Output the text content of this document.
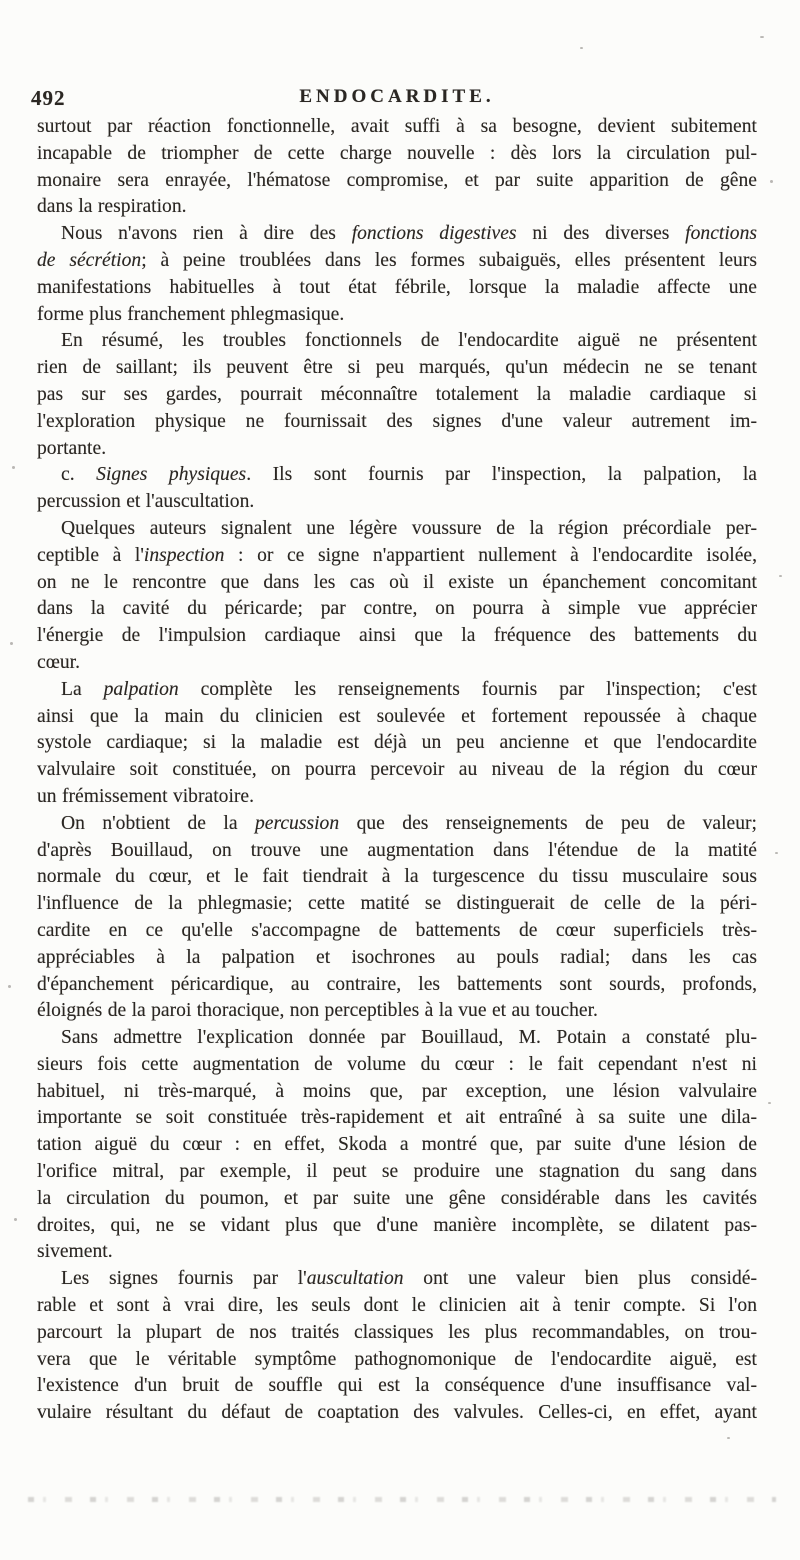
492	ENDOCARDITE.
surtout par réaction fonctionnelle, avait suffi à sa besogne, devient subitement
incapable de triompher de cette charge nouvelle : dès lors la circulation pul-
monaire sera enrayée, l'hématose compromise, et par suite apparition de gêne
dans la respiration.
Nous n'avons rien à dire des fonctions digestives ni des diverses fonctions
de sécrétion; à peine troublées dans les formes subaiguës, elles présentent leurs
manifestations habituelles à tout état fébrile, lorsque la maladie affecte une
forme plus franchement phlegmasique.
En résumé, les troubles fonctionnels de l'endocardite aiguë ne présentent
rien de saillant; ils peuvent être si peu marqués, qu'un médecin ne se tenant
pas sur ses gardes, pourrait méconnaître totalement la maladie cardiaque si
l'exploration physique ne fournissait des signes d'une valeur autrement im-
portante.
c. Signes physiques. Ils sont fournis par l'inspection, la palpation, la
percussion et l'auscultation.
Quelques auteurs signalent une légère voussure de la région précordiale per-
ceptible à l'inspection : or ce signe n'appartient nullement à l'endocardite isolée,
on ne le rencontre que dans les cas où il existe un épanchement concomitant
dans la cavité du péricarde; par contre, on pourra à simple vue apprécier
l'énergie de l'impulsion cardiaque ainsi que la fréquence des battements du
cœur.
La palpation complète les renseignements fournis par l'inspection; c'est
ainsi que la main du clinicien est soulevée et fortement repoussée à chaque
systole cardiaque; si la maladie est déjà un peu ancienne et que l'endocardite
valvulaire soit constituée, on pourra percevoir au niveau de la région du cœur
un frémissement vibratoire.
On n'obtient de la percussion que des renseignements de peu de valeur;
d'après Bouillaud, on trouve une augmentation dans l'étendue de la matité
normale du cœur, et le fait tiendrait à la turgescence du tissu musculaire sous
l'influence de la phlegmasie; cette matité se distinguerait de celle de la péri-
cardite en ce qu'elle s'accompagne de battements de cœur superficiels très-
appréciables à la palpation et isochrones au pouls radial; dans les cas
d'épanchement péricardique, au contraire, les battements sont sourds, profonds,
éloignés de la paroi thoracique, non perceptibles à la vue et au toucher.
Sans admettre l'explication donnée par Bouillaud, M. Potain a constaté plu-
sieurs fois cette augmentation de volume du cœur : le fait cependant n'est ni
habituel, ni très-marqué, à moins que, par exception, une lésion valvulaire
importante se soit constituée très-rapidement et ait entraîné à sa suite une dila-
tation aiguë du cœur : en effet, Skoda a montré que, par suite d'une lésion de
l'orifice mitral, par exemple, il peut se produire une stagnation du sang dans
la circulation du poumon, et par suite une gêne considérable dans les cavités
droites, qui, ne se vidant plus que d'une manière incomplète, se dilatent pas-
sivement.
Les signes fournis par l'auscultation ont une valeur bien plus considé-
rable et sont à vrai dire, les seuls dont le clinicien ait à tenir compte. Si l'on
parcourt la plupart de nos traités classiques les plus recommandables, on trou-
vera que le véritable symptôme pathognomonique de l'endocardite aiguë, est
l'existence d'un bruit de souffle qui est la conséquence d'une insuffisance val-
vulaire résultant du défaut de coaptation des valvules. Celles-ci, en effet, ayant
